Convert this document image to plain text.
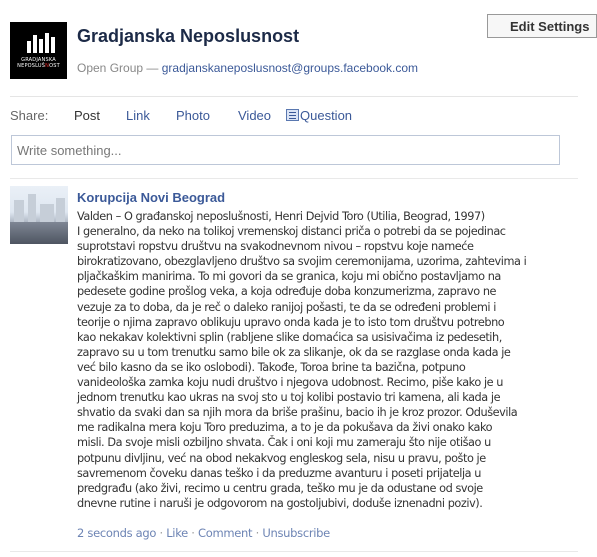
Edit Settings
GRADJANSKA
NEPOSLUŠNOST
Gradjanska Neposlusnost
Open Group — gradjanskaneposlusnost@groups.facebook.com
Share: Post Link Photo Video	Question
Write something...
Korupcija Novi Beograd
Valden – O građanskoj neposlušnosti, Henri Dejvid Toro (Utilia, Beograd, 1997)
I generalno, da neko na tolikoj vremenskoj distanci priča o potrebi da se pojedinac
suprotstavi ropstvu društvu na svakodnevnom nivou – ropstvu koje nameće
birokratizovano, obezglavljeno društvo sa svojim ceremonijama, uzorima, zahtevima i
pljačkaškim manirima. To mi govori da se granica, koju mi obično postavljamo na
pedesete godine prošlog veka, a koja određuje doba konzumerizma, zapravo ne
vezuje za to doba, da je reč o daleko ranijoj pošasti, te da se određeni problemi i
teorije o njima zapravo oblikuju upravo onda kada je to isto tom društvu potrebno
kao nekakav kolektivni splin (rabljene slike domaćica sa usisivačima iz pedesetih,
zapravo su u tom trenutku samo bile ok za slikanje, ok da se razglase onda kada je
već bilo kasno da se iko oslobodi). Takođe, Toroa brine ta bazična, potpuno
vanideološka zamka koju nudi društvo i njegova udobnost. Recimo, piše kako je u
jednom trenutku kao ukras na svoj sto u toj kolibi postavio tri kamena, ali kada je
shvatio da svaki dan sa njih mora da briše prašinu, bacio ih je kroz prozor. Oduševila
me radikalna mera koju Toro preduzima, a to je da pokušava da živi onako kako
misli. Da svoje misli ozbiljno shvata. Čak i oni koji mu zameraju što nije otišao u
potpunu divljinu, već na obod nekakvog engleskog sela, nisu u pravu, pošto je
savremenom čoveku danas teško i da preduzme avanturu i poseti prijatelja u
predgrađu (ako živi, recimo u centru grada, teško mu je da odustane od svoje
dnevne rutine i naruši je odgovorom na gostoljubivi, doduše iznenadni poziv).
2 seconds ago · Like · Comment · Unsubscribe
